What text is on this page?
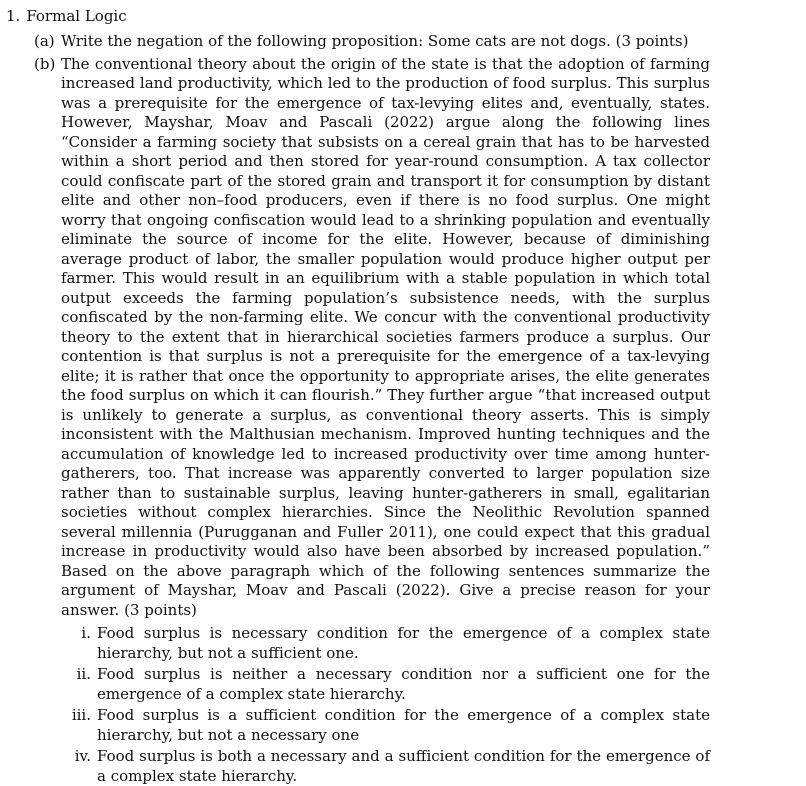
1. Formal Logic
(a) Write the negation of the following proposition: Some cats are not dogs. (3 points)
(b) The conventional theory about the origin of the state is that the adoption of farming increased land productivity, which led to the production of food surplus. This surplus was a prerequisite for the emergence of tax-levying elites and, eventually, states. However, Mayshar, Moav and Pascali (2022) argue along the following lines “Consider a farming society that subsists on a cereal grain that has to be harvested within a short period and then stored for year-round consumption. A tax collector could confiscate part of the stored grain and transport it for consumption by distant elite and other non–food producers, even if there is no food surplus. One might worry that ongoing confiscation would lead to a shrinking population and eventually eliminate the source of income for the elite. However, because of diminishing average product of labor, the smaller population would produce higher output per farmer. This would result in an equilibrium with a stable population in which total output exceeds the farming population’s subsistence needs, with the surplus confiscated by the non-farming elite. We concur with the conventional productivity theory to the extent that in hierarchical societies farmers produce a surplus. Our contention is that surplus is not a prerequisite for the emergence of a tax-levying elite; it is rather that once the opportunity to appropriate arises, the elite generates the food surplus on which it can flourish.” They further argue “that increased output is unlikely to generate a surplus, as conventional theory asserts. This is simply inconsistent with the Malthusian mechanism. Improved hunting techniques and the accumulation of knowledge led to increased productivity over time among hunter-gatherers, too. That increase was apparently converted to larger population size rather than to sustainable surplus, leaving hunter-gatherers in small, egalitarian societies without complex hierarchies. Since the Neolithic Revolution spanned several millennia (Purugganan and Fuller 2011), one could expect that this gradual increase in productivity would also have been absorbed by increased population.” Based on the above paragraph which of the following sentences summarize the argument of Mayshar, Moav and Pascali (2022). Give a precise reason for your answer. (3 points)
i. Food surplus is necessary condition for the emergence of a complex state hierarchy, but not a sufficient one.
ii. Food surplus is neither a necessary condition nor a sufficient one for the emergence of a complex state hierarchy.
iii. Food surplus is a sufficient condition for the emergence of a complex state hierarchy, but not a necessary one
iv. Food surplus is both a necessary and a sufficient condition for the emergence of a complex state hierarchy.
